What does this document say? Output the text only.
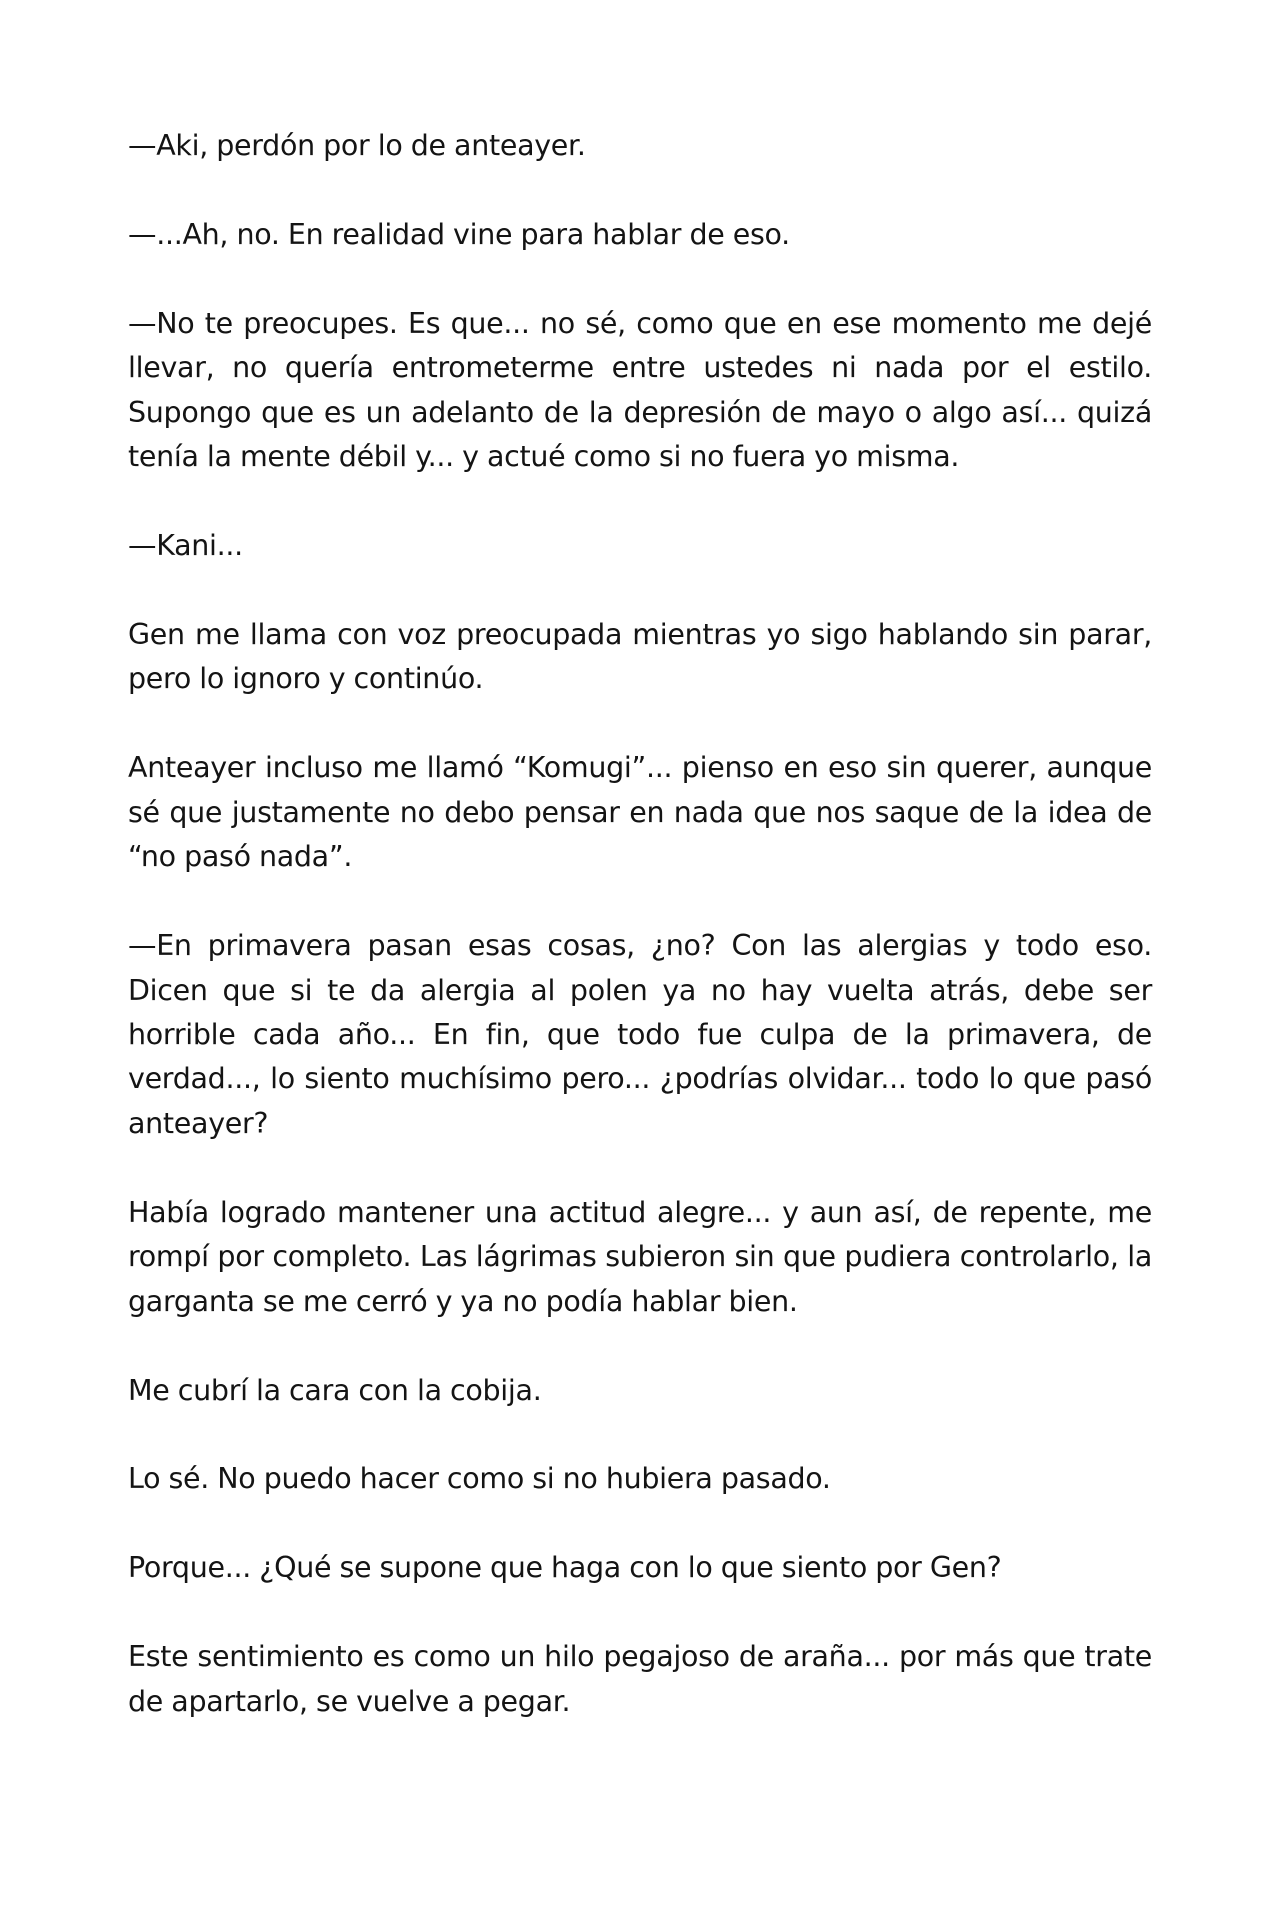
—Aki, perdón por lo de anteayer.

—...Ah, no. En realidad vine para hablar de eso.

—No te preocupes. Es que... no sé, como que en ese momento me dejé llevar, no quería entrometerme entre ustedes ni nada por el estilo. Supongo que es un adelanto de la depresión de mayo o algo así... quizá tenía la mente débil y... y actué como si no fuera yo misma.

—Kani...

Gen me llama con voz preocupada mientras yo sigo hablando sin parar, pero lo ignoro y continúo.

Anteayer incluso me llamó “Komugi”... pienso en eso sin querer, aunque sé que justamente no debo pensar en nada que nos saque de la idea de “no pasó nada”.

—En primavera pasan esas cosas, ¿no? Con las alergias y todo eso. Dicen que si te da alergia al polen ya no hay vuelta atrás, debe ser horrible cada año... En fin, que todo fue culpa de la primavera, de verdad..., lo siento muchísimo pero... ¿podrías olvidar... todo lo que pasó anteayer?

Había logrado mantener una actitud alegre... y aun así, de repente, me rompí por completo. Las lágrimas subieron sin que pudiera controlarlo, la garganta se me cerró y ya no podía hablar bien.

Me cubrí la cara con la cobija.

Lo sé. No puedo hacer como si no hubiera pasado.

Porque... ¿Qué se supone que haga con lo que siento por Gen?

Este sentimiento es como un hilo pegajoso de araña... por más que trate de apartarlo, se vuelve a pegar.
